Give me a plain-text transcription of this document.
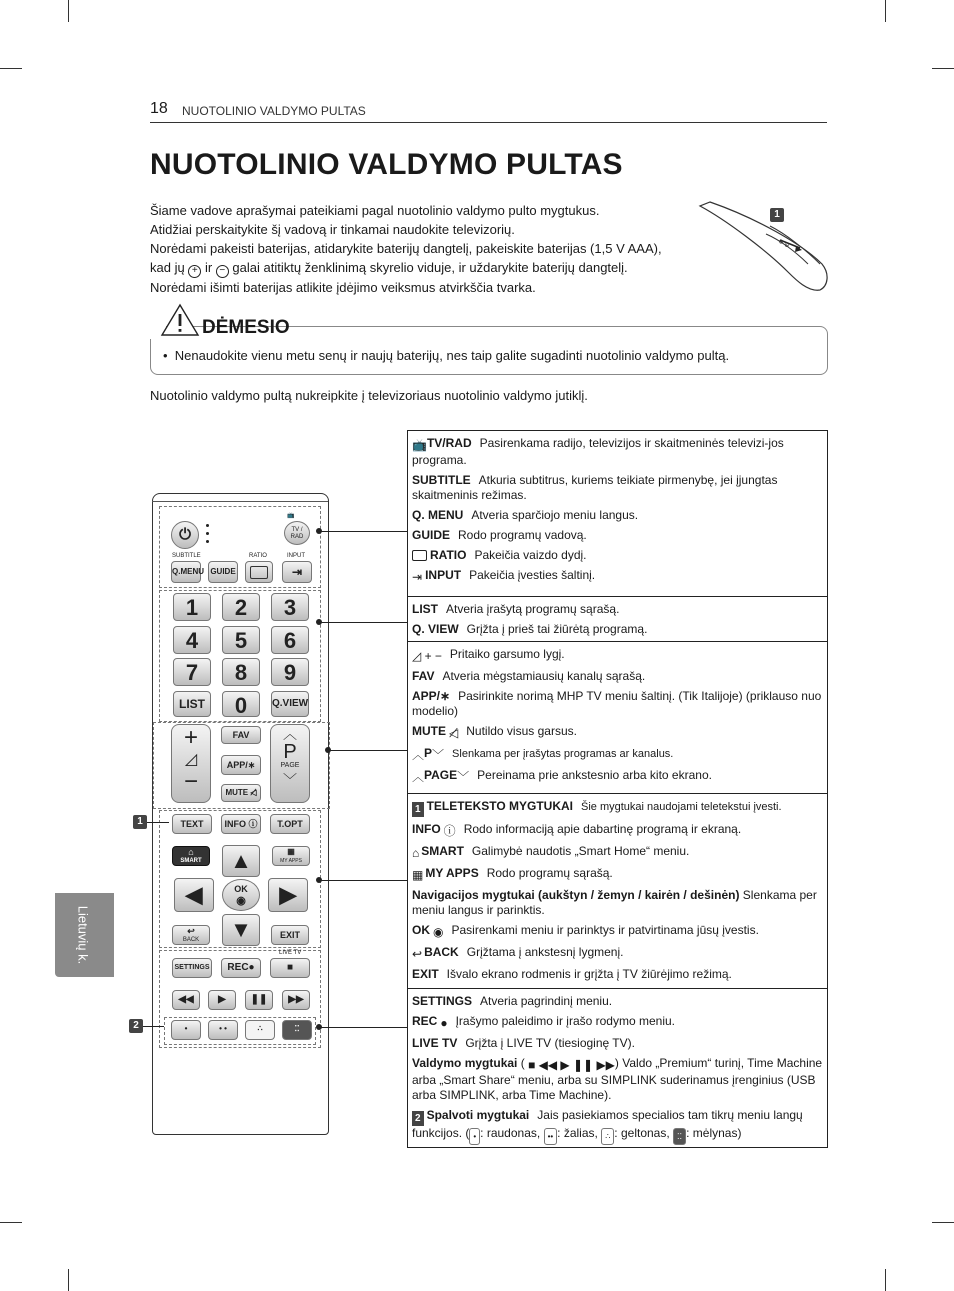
18 NUOTOLINIO VALDYMO PULTAS
NUOTOLINIO VALDYMO PULTAS

Šiame vadove aprašymai pateikiami pagal nuotolinio valdymo pulto mygtukus.

Atidžiai perskaitykite šį vadovą ir tinkamai naudokite televizorių.

Norėdami pakeisti baterijas, atidarykite baterijų dangtelį, pakeiskite baterijas (1,5 V AAA),

kad jų + ir − galai atitiktų ženklinimą skyrelio viduje, ir uždarykite baterijų dangtelį.

Norėdami išimti baterijas atlikite įdėjimo veiksmus atvirkščia tvarka.

⊕ ⊖
1
DĖMESIO
•  Nenaudokite vienu metu senų ir naujų baterijų, nes taip galite sugadinti nuotolinio valdymo pultą.
Nuotolinio valdymo pultą nukreipkite į televizoriaus nuotolinio valdymo jutiklį.
Lietuvių k.
⏻	TV /
RAD
📺
SUBTITLE	RATIO	INPUT
Q.MENU GUIDE	⇥
1	2	3
4	5	6
7	8	9
LIST	0	Q.VIEW
+
◿
−
FAV
APP/∗
MUTE ◁̸
︿
P
PAGE
﹀
TEXT	INFO ⓘ	T.OPT
⌂
SMART
▦
MY APPS
▲
◀	OK
◉	▶
▼
↩
BACK	EXIT
LIVE TV
SETTINGS	REC●	■
◀◀	▶	❚❚	▶▶
•	• •	∴	⁚⁚
1
2
📺TV/RAD Pasirenkama radijo, televizijos ir skaitmeninės televizi-jos programa.
SUBTITLE Atkuria subtitrus, kuriems teikiate pirmenybę, jei įjungtas skaitmeninis režimas.
Q. MENU Atveria sparčiojo meniu langus.
GUIDE Rodo programų vadovą.
RATIO Pakeičia vaizdo dydį.
⇥ INPUT Pakeičia įvesties šaltinį.
LIST Atveria įrašytą programų sąrašą.
Q. VIEW Grįžta į prieš tai žiūrėtą programą.
◿ + − Pritaiko garsumo lygį.
FAV Atveria mėgstamiausių kanalų sąrašą.
APP/∗ Pasirinkite norimą MHP TV meniu šaltinį. (Tik Italijoje) (priklauso nuo modelio)
MUTE ◁̸ Nutildo visus garsus.
︿P﹀ Slenkama per įrašytas programas ar kanalus.
︿PAGE﹀ Pereinama prie ankstesnio arba kito ekrano.
1 TELETEKSTO MYGTUKAI Šie mygtukai naudojami teletekstui įvesti.
INFO ⓘ Rodo informaciją apie dabartinę programą ir ekraną.
⌂ SMART Galimybė naudotis „Smart Home“ meniu.
▦ MY APPS Rodo programų sąrašą.
Navigacijos mygtukai (aukštyn / žemyn / kairėn / dešinėn) Slenkama per meniu langus ir parinktis.
OK ◉ Pasirenkami meniu ir parinktys ir patvirtinama jūsų įvestis.
↩ BACK Grįžtama į ankstesnį lygmenį.
EXIT Išvalo ekrano rodmenis ir grįžta į TV žiūrėjimo režimą.
SETTINGS Atveria pagrindinį meniu.
REC ● Įrašymo paleidimo ir įrašo rodymo meniu.
LIVE TV Grįžta į LIVE TV (tiesioginę TV).
Valdymo mygtukai ( ■ ◀◀ ▶ ❚❚ ▶▶) Valdo „Premium“ turinį, Time Machine arba „Smart Share“ meniu, arba su SIMPLINK suderinamus įrenginius (USB arba SIMPLINK, arba Time Machine).
2 Spalvoti mygtukai Jais pasiekiamos specialios tam tikrų meniu langų funkcijos. ( • : raudonas, •• : žalias, ∴ : geltonas, ⁚⁚ : mėlynas)
